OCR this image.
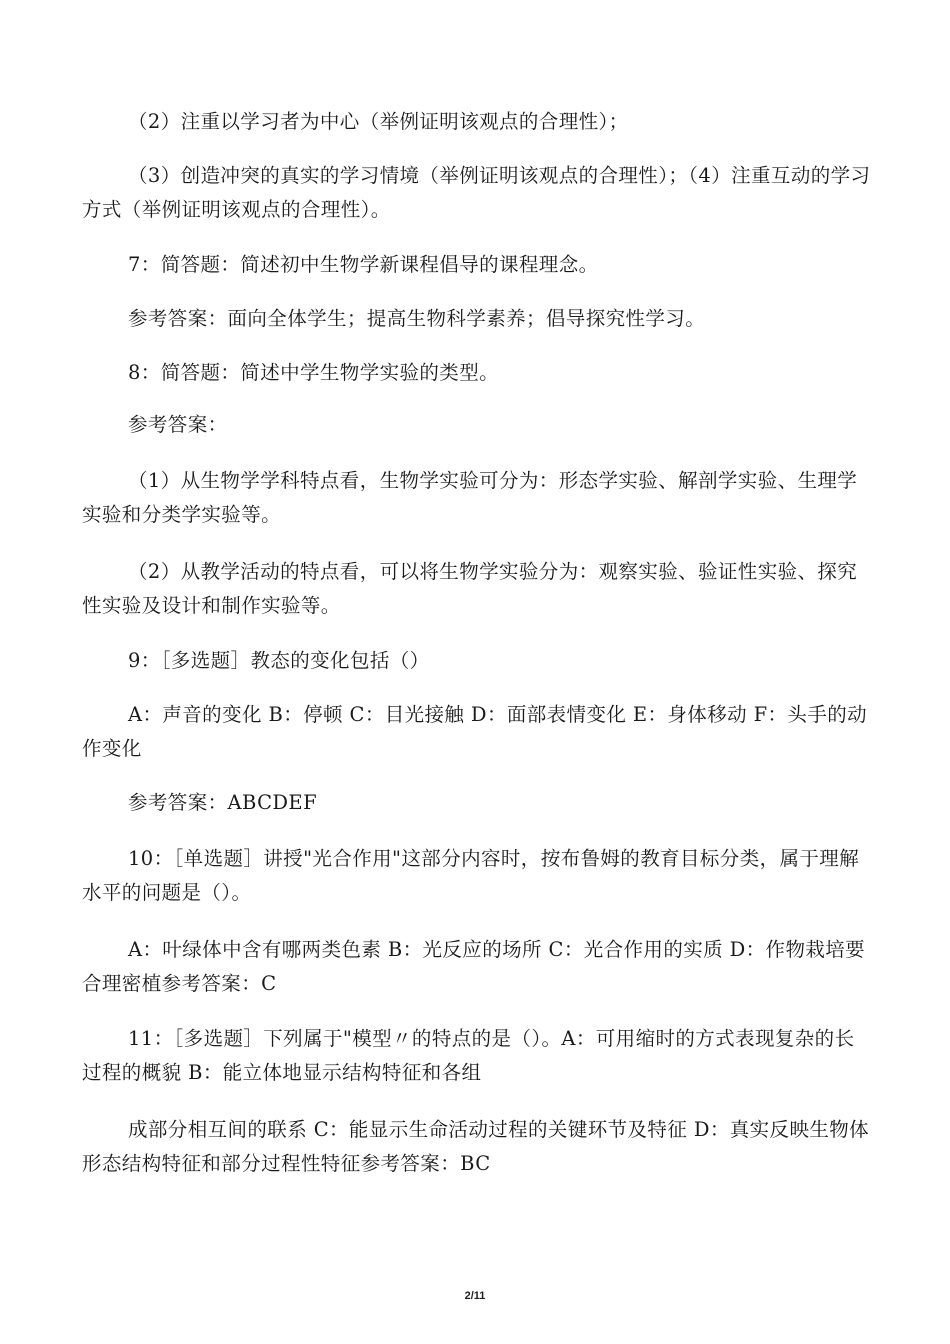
（2）注重以学习者为中心（举例证明该观点的合理性）；

（3）创造冲突的真实的学习情境（举例证明该观点的合理性）；（4）注重互动的学习方式（举例证明该观点的合理性）。

7：简答题：简述初中生物学新课程倡导的课程理念。

参考答案：面向全体学生；提高生物科学素养；倡导探究性学习。

8：简答题：简述中学生物学实验的类型。

参考答案：

（1）从生物学学科特点看，生物学实验可分为：形态学实验、解剖学实验、生理学实验和分类学实验等。

（2）从教学活动的特点看，可以将生物学实验分为：观察实验、验证性实验、探究性实验及设计和制作实验等。

9：［多选题］教态的变化包括（）

A：声音的变化 B：停顿 C：目光接触 D：面部表情变化 E：身体移动 F：头手的动作变化

参考答案：ABCDEF

10：［单选题］讲授"光合作用"这部分内容时，按布鲁姆的教育目标分类，属于理解水平的问题是（）。

A：叶绿体中含有哪两类色素 B：光反应的场所 C：光合作用的实质 D：作物栽培要合理密植参考答案：C

11：［多选题］下列属于"模型〃的特点的是（）。A：可用缩时的方式表现复杂的长过程的概貌 B：能立体地显示结构特征和各组

成部分相互间的联系 C：能显示生命活动过程的关键环节及特征 D：真实反映生物体形态结构特征和部分过程性特征参考答案：BC

2/11
